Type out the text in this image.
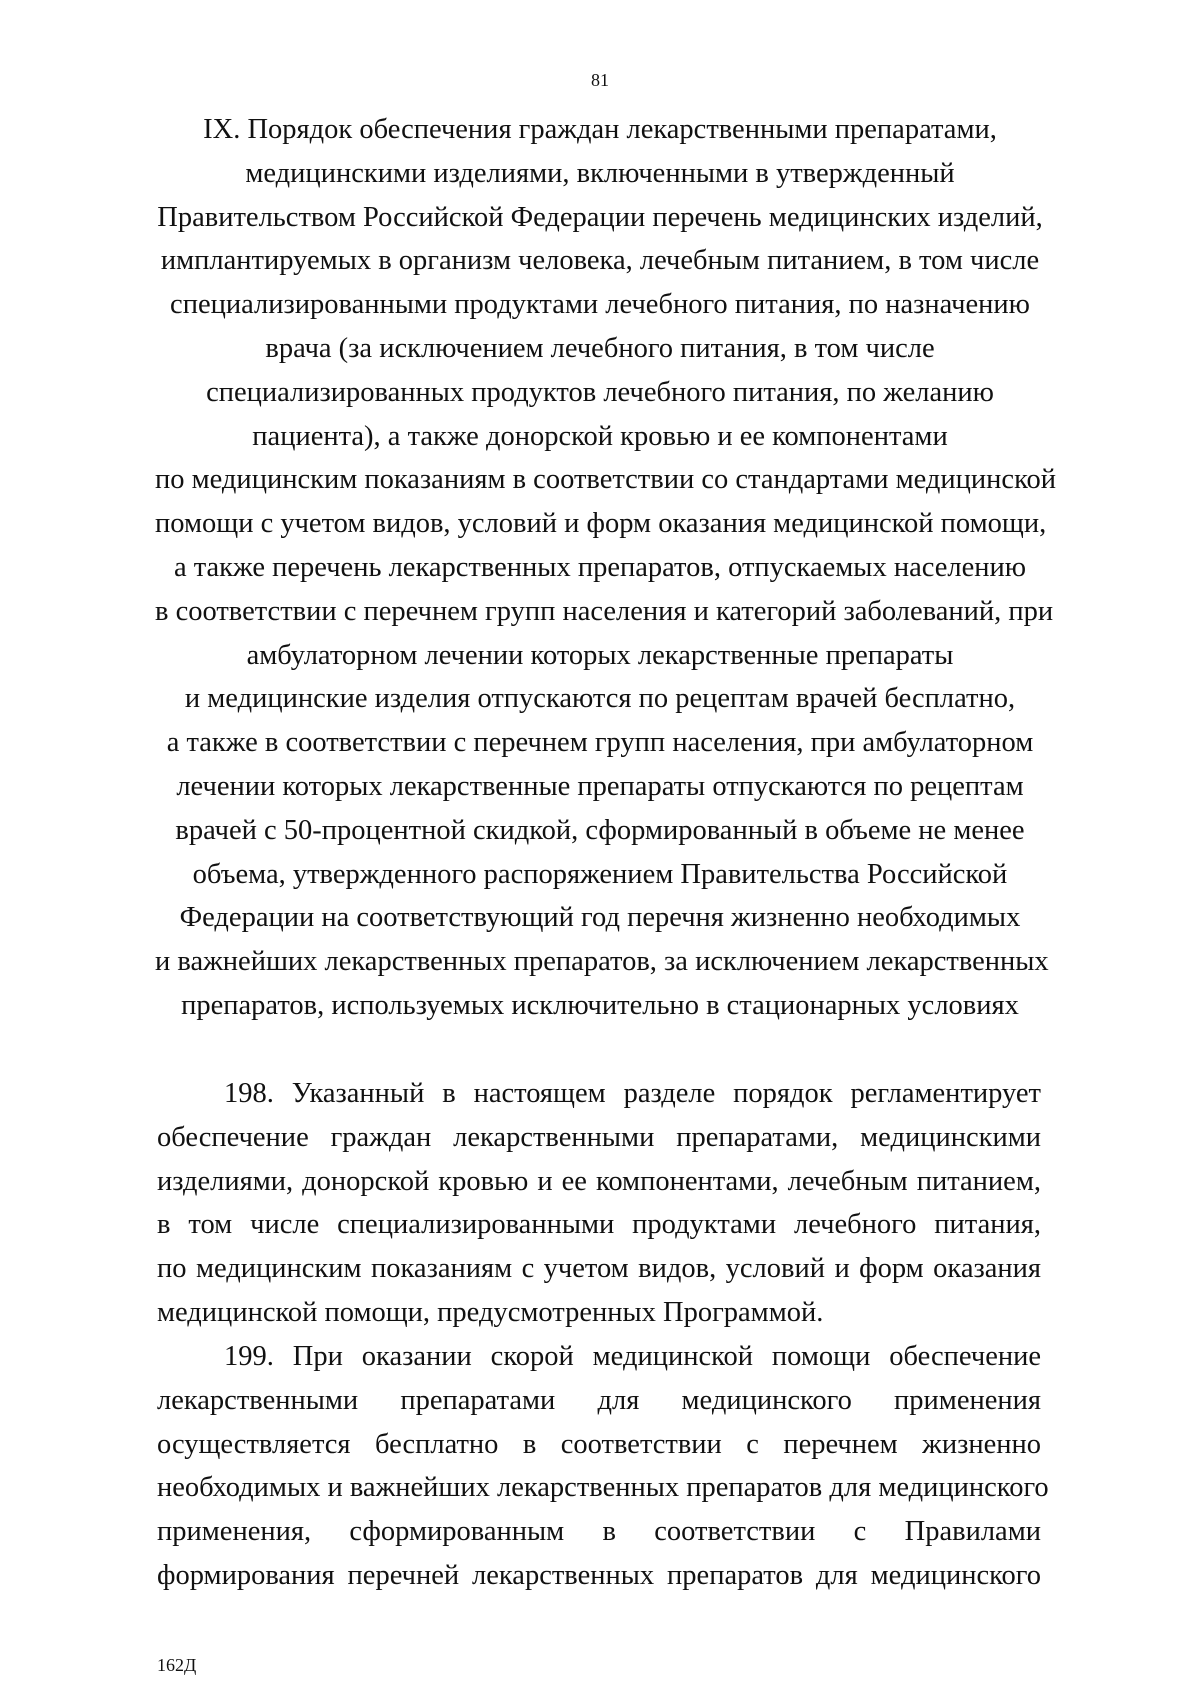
81
IX. Порядок обеспечения граждан лекарственными препаратами,
медицинскими изделиями, включенными в утвержденный
Правительством Российской Федерации перечень медицинских изделий,
имплантируемых в организм человека, лечебным питанием, в том числе
специализированными продуктами лечебного питания, по назначению
врача (за исключением лечебного питания, в том числе
специализированных продуктов лечебного питания, по желанию
пациента), а также донорской кровью и ее компонентами
по медицинским показаниям в соответствии со стандартами медицинской
помощи с учетом видов, условий и форм оказания медицинской помощи,
а также перечень лекарственных препаратов, отпускаемых населению
в соответствии с перечнем групп населения и категорий заболеваний, при
амбулаторном лечении которых лекарственные препараты
и медицинские изделия отпускаются по рецептам врачей бесплатно,
а также в соответствии с перечнем групп населения, при амбулаторном
лечении которых лекарственные препараты отпускаются по рецептам
врачей с 50-процентной скидкой, сформированный в объеме не менее
объема, утвержденного распоряжением Правительства Российской
Федерации на соответствующий год перечня жизненно необходимых
и важнейших лекарственных препаратов, за исключением лекарственных
препаратов, используемых исключительно в стационарных условиях
198. Указанный в настоящем разделе порядок регламентирует
обеспечение граждан лекарственными препаратами, медицинскими
изделиями, донорской кровью и ее компонентами, лечебным питанием,
в том числе специализированными продуктами лечебного питания,
по медицинским показаниям с учетом видов, условий и форм оказания
медицинской помощи, предусмотренных Программой.
199. При оказании скорой медицинской помощи обеспечение
лекарственными препаратами для медицинского применения
осуществляется бесплатно в соответствии с перечнем жизненно
необходимых и важнейших лекарственных препаратов для медицинского
применения, сформированным в соответствии с Правилами
формирования перечней лекарственных препаратов для медицинского
162Д
